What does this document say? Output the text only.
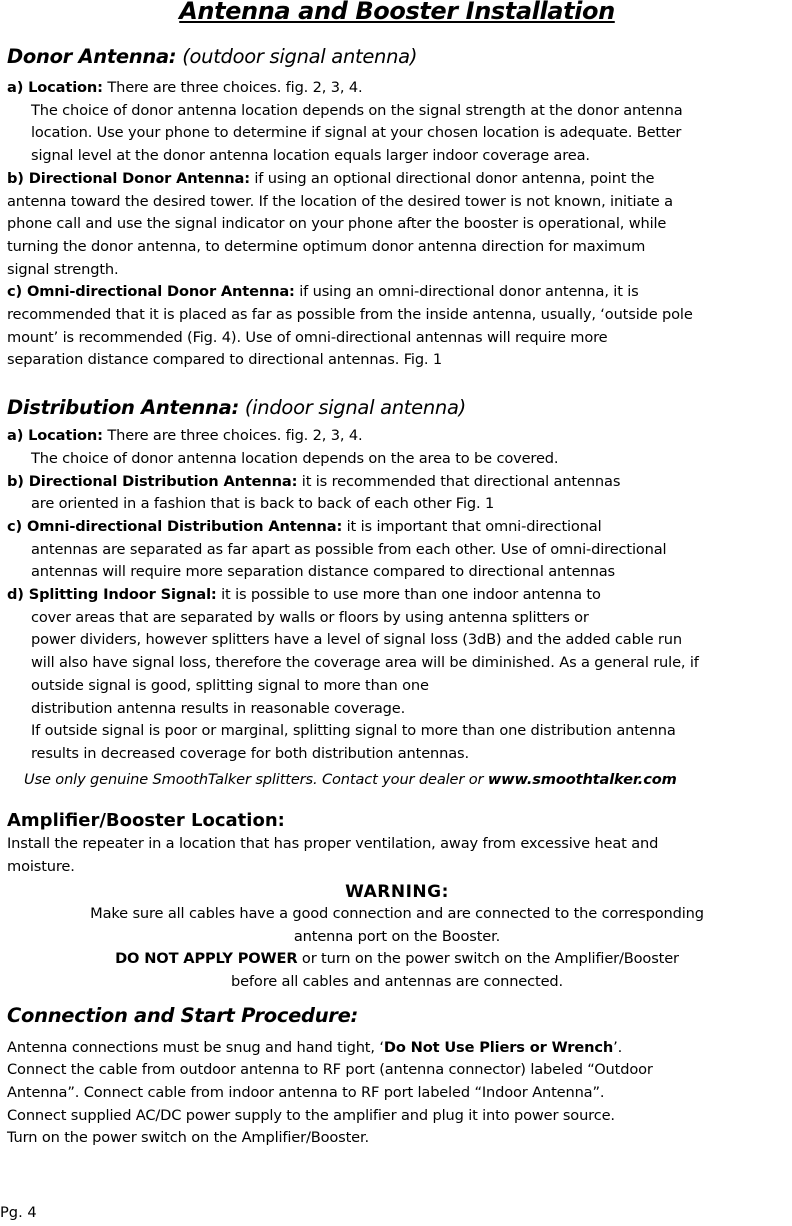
Antenna and Booster Installation

Donor Antenna: (outdoor signal antenna)

a) Location: There are three choices. fig. 2, 3, 4.

The choice of donor antenna location depends on the signal strength at the donor antenna

location. Use your phone to determine if signal at your chosen location is adequate. Better

signal level at the donor antenna location equals larger indoor coverage area.

b) Directional Donor Antenna: if using an optional directional donor antenna, point the

antenna toward the desired tower. If the location of the desired tower is not known, initiate a

phone call and use the signal indicator on your phone after the booster is operational, while

turning the donor antenna, to determine optimum donor antenna direction for maximum

signal strength.

c) Omni-directional Donor Antenna: if using an omni-directional donor antenna, it is

recommended that it is placed as far as possible from the inside antenna, usually, ‘outside pole

mount’ is recommended (Fig. 4). Use of omni-directional antennas will require more

separation distance compared to directional antennas. Fig. 1

Distribution Antenna: (indoor signal antenna)

a) Location: There are three choices. fig. 2, 3, 4.

The choice of donor antenna location depends on the area to be covered.

b) Directional Distribution Antenna: it is recommended that directional antennas

are oriented in a fashion that is back to back of each other Fig. 1

c) Omni-directional Distribution Antenna: it is important that omni-directional

antennas are separated as far apart as possible from each other. Use of omni-directional

antennas will require more separation distance compared to directional antennas

d) Splitting Indoor Signal: it is possible to use more than one indoor antenna to

cover areas that are separated by walls or floors by using antenna splitters or

power dividers, however splitters have a level of signal loss (3dB) and the added cable run

will also have signal loss, therefore the coverage area will be diminished. As a general rule, if

outside signal is good, splitting signal to more than one

distribution antenna results in reasonable coverage.

If outside signal is poor or marginal, splitting signal to more than one distribution antenna

results in decreased coverage for both distribution antennas.

Use only genuine SmoothTalker splitters. Contact your dealer or www.smoothtalker.com

Amplifier/Booster Location:

Install the repeater in a location that has proper ventilation, away from excessive heat and

moisture.

WARNING:

Make sure all cables have a good connection and are connected to the corresponding

antenna port on the Booster.

DO NOT APPLY POWER or turn on the power switch on the Amplifier/Booster

before all cables and antennas are connected.

Connection and Start Procedure:

Antenna connections must be snug and hand tight, ‘Do Not Use Pliers or Wrench’.

Connect the cable from outdoor antenna to RF port (antenna connector) labeled “Outdoor

Antenna”. Connect cable from indoor antenna to RF port labeled “Indoor Antenna”.

Connect supplied AC/DC power supply to the amplifier and plug it into power source.

Turn on the power switch on the Amplifier/Booster.

Pg. 4
